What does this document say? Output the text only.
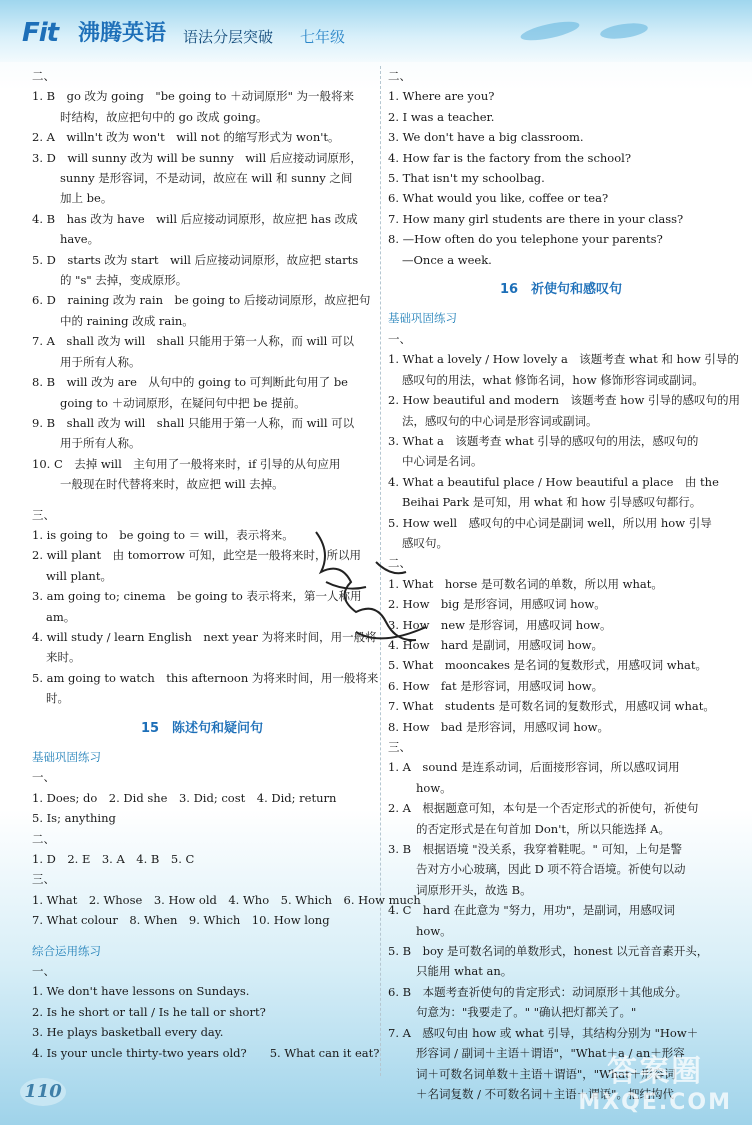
Fit 沸腾英语 语法分层突破 七年级
二、
1. B　go 改为 going　"be going to ＋动词原形" 为一般将来
时结构，故应把句中的 go 改成 going。
2. A　willn't 改为 won't　will not 的缩写形式为 won't。
3. D　will sunny 改为 will be sunny　will 后应接动词原形，
sunny 是形容词，不是动词，故应在 will 和 sunny 之间
加上 be。
4. B　has 改为 have　will 后应接动词原形，故应把 has 改成
have。
5. D　starts 改为 start　will 后应接动词原形，故应把 starts
的 "s" 去掉，变成原形。
6. D　raining 改为 rain　be going to 后接动词原形，故应把句
中的 raining 改成 rain。
7. A　shall 改为 will　shall 只能用于第一人称，而 will 可以
用于所有人称。
8. B　will 改为 are　从句中的 going to 可判断此句用了 be
going to ＋动词原形，在疑问句中把 be 提前。
9. B　shall 改为 will　shall 只能用于第一人称，而 will 可以
用于所有人称。
10. C　去掉 will　主句用了一般将来时，if 引导的从句应用
一般现在时代替将来时，故应把 will 去掉。
三、
1. is going to　be going to ＝ will，表示将来。
2. will plant　由 tomorrow 可知，此空是一般将来时，所以用
will plant。
3. am going to; cinema　be going to 表示将来，第一人称用
am。
4. will study / learn English　next year 为将来时间，用一般将
来时。
5. am going to watch　this afternoon 为将来时间，用一般将来
时。
15　陈述句和疑问句
基础巩固练习
一、
1. Does; do　2. Did she　3. Did; cost　4. Did; return
5. Is; anything
二、
1. D　2. E　3. A　4. B　5. C
三、
1. What　2. Whose　3. How old　4. Who　5. Which　6. How much
7. What colour　8. When　9. Which　10. How long
综合运用练习
一、
1. We don't have lessons on Sundays.
2. Is he short or tall / Is he tall or short?
3. He plays basketball every day.
4. Is your uncle thirty-two years old?　　5. What can it eat?
二、
1. Where are you?
2. I was a teacher.
3. We don't have a big classroom.
4. How far is the factory from the school?
5. That isn't my schoolbag.
6. What would you like, coffee or tea?
7. How many girl students are there in your class?
8. —How often do you telephone your parents?
—Once a week.
16　祈使句和感叹句
基础巩固练习
一、
1. What a lovely / How lovely a　该题考查 what 和 how 引导的
感叹句的用法，what 修饰名词，how 修饰形容词或副词。
2. How beautiful and modern　该题考查 how 引导的感叹句的用
法，感叹句的中心词是形容词或副词。
3. What a　该题考查 what 引导的感叹句的用法，感叹句的
中心词是名词。
4. What a beautiful place / How beautiful a place　由 the
Beihai Park 是可知，用 what 和 how 引导感叹句都行。
5. How well　感叹句的中心词是副词 well，所以用 how 引导
感叹句。
二、
1. What　horse 是可数名词的单数，所以用 what。
2. How　big 是形容词，用感叹词 how。
3. How　new 是形容词，用感叹词 how。
4. How　hard 是副词，用感叹词 how。
5. What　mooncakes 是名词的复数形式，用感叹词 what。
6. How　fat 是形容词，用感叹词 how。
7. What　students 是可数名词的复数形式，用感叹词 what。
8. How　bad 是形容词，用感叹词 how。
三、
1. A　sound 是连系动词，后面接形容词，所以感叹词用
how。
2. A　根据题意可知，本句是一个否定形式的祈使句，祈使句
的否定形式是在句首加 Don't，所以只能选择 A。
3. B　根据语境 "没关系，我穿着鞋呢。" 可知，上句是警
告对方小心玻璃，因此 D 项不符合语境。祈使句以动
词原形开头，故选 B。
4. C　hard 在此意为 "努力，用功"，是副词，用感叹词
how。
5. B　boy 是可数名词的单数形式，honest 以元音音素开头，
只能用 what an。
6. B　本题考查祈使句的肯定形式：动词原形＋其他成分。
句意为："我要走了。" "确认把灯都关了。"
7. A　感叹句由 how 或 what 引导，其结构分别为 "How＋
形容词 / 副词＋主语＋谓语"，"What＋a / an＋形容
词＋可数名词单数＋主语＋谓语"，"What＋形容词
＋名词复数 / 不可数名词＋主语＋谓语"。把结构代
110
答案圈
MXQE.COM
